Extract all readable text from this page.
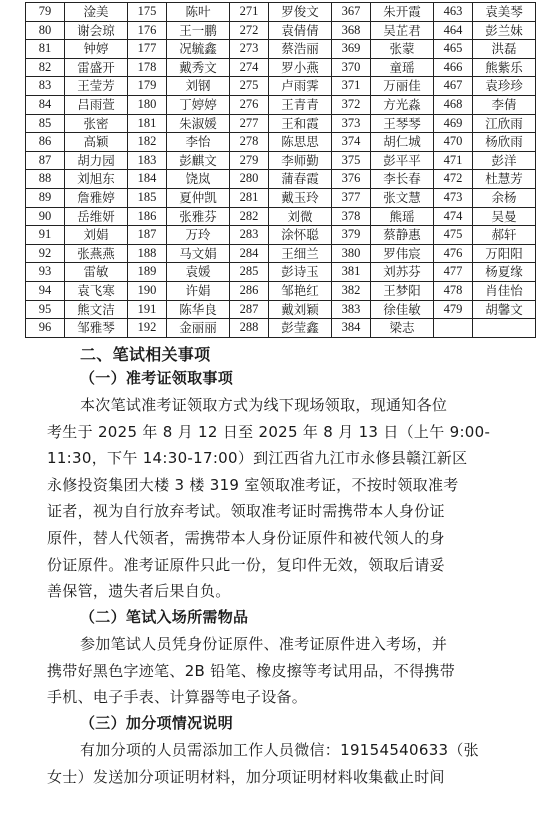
79	淦美	175	陈叶	271	罗俊文	367	朱开霞	463	袁美琴
80	谢会琼	176	王一鹏	272	袁倩倩	368	吴芷君	464	彭兰妹
81	钟婷	177	况毓鑫	273	蔡浩丽	369	张蒙	465	洪磊
82	雷盛开	178	戴秀文	274	罗小燕	370	童瑶	466	熊紫乐
83	王莹芳	179	刘钢	275	卢雨霁	371	万丽佳	467	袁珍珍
84	吕雨萱	180	丁婷婷	276	王青青	372	方光淼	468	李倩
85	张密	181	朱淑媛	277	王和霞	373	王琴琴	469	江欣雨
86	高颖	182	李怡	278	陈思思	374	胡仁城	470	杨欣雨
87	胡力园	183	彭麒文	279	李师勤	375	彭平平	471	彭洋
88	刘旭东	184	饶岚	280	蒲春霞	376	李长春	472	杜慧芳
89	詹雅婷	185	夏仲凯	281	戴玉玲	377	张文慧	473	余杨
90	岳维妍	186	张雅芬	282	刘微	378	熊瑶	474	吴曼
91	刘娟	187	万玲	283	涂怀聪	379	蔡静惠	475	郝轩
92	张燕燕	188	马文娟	284	王细兰	380	罗伟宸	476	万阳阳
93	雷敏	189	袁媛	285	彭诗玉	381	刘苏芬	477	杨夏缘
94	袁飞寒	190	许娟	286	邹艳红	382	王梦阳	478	肖佳怡
95	熊文洁	191	陈华良	287	戴刘颖	383	徐佳敏	479	胡馨文
96	邹雅琴	192	金丽丽	288	彭莹鑫	384	梁志		
二、笔试相关事项
（一）准考证领取事项
本次笔试准考证领取方式为线下现场领取，现通知各位
考生于 2025 年 8 月 12 日至 2025 年 8 月 13 日（上午 9:00-
11:30，下午 14:30-17:00）到江西省九江市永修县赣江新区
永修投资集团大楼 3 楼 319 室领取准考证，不按时领取准考
证者，视为自行放弃考试。领取准考证时需携带本人身份证
原件，替人代领者，需携带本人身份证原件和被代领人的身
份证原件。准考证原件只此一份，复印件无效，领取后请妥
善保管，遗失者后果自负。
（二）笔试入场所需物品
参加笔试人员凭身份证原件、准考证原件进入考场，并
携带好黑色字迹笔、2B 铅笔、橡皮擦等考试用品，不得携带
手机、电子手表、计算器等电子设备。
（三）加分项情况说明
有加分项的人员需添加工作人员微信：19154540633（张
女士）发送加分项证明材料，加分项证明材料收集截止时间
